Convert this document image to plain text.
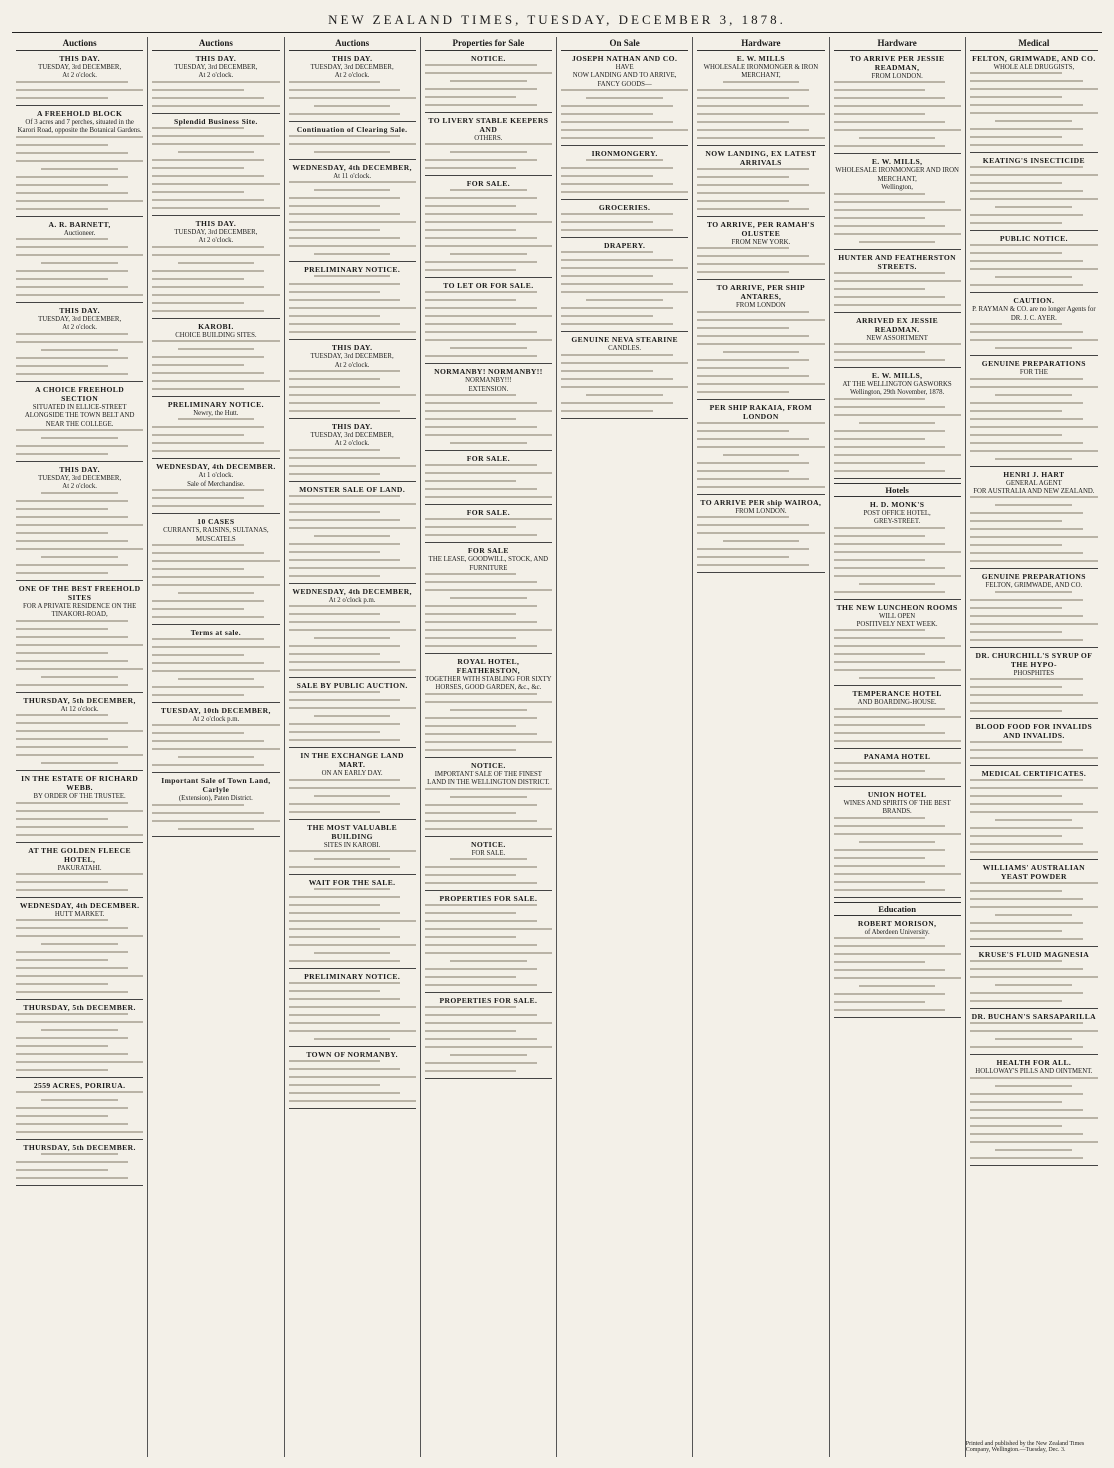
NEW ZEALAND TIMES, TUESDAY, DECEMBER 3, 1878.
Auctions
THIS DAY.
TUESDAY, 3rd DECEMBER,
At 2 o'clock.
A FREEHOLD BLOCK
Of 3 acres and 7 perches, situated in the Karori Road, opposite the Botanical Gardens.
A. R. BARNETT,
Auctioneer.
THIS DAY.
TUESDAY, 3rd DECEMBER,
At 2 o'clock.
A CHOICE FREEHOLD SECTION
SITUATED IN ELLICE-STREET ALONGSIDE THE TOWN BELT AND NEAR THE COLLEGE.
THIS DAY.
TUESDAY, 3rd DECEMBER,
At 2 o'clock.
ONE OF THE BEST FREEHOLD SITES
FOR A PRIVATE RESIDENCE ON THE TINAKORI-ROAD,
THURSDAY, 5th DECEMBER,
At 12 o'clock.
IN THE ESTATE OF RICHARD WEBB.
BY ORDER OF THE TRUSTEE.
AT THE GOLDEN FLEECE HOTEL,
PAKURATAHI.
WEDNESDAY, 4th DECEMBER.
HUTT MARKET.
THURSDAY, 5th DECEMBER.
2559 ACRES, PORIRUA.
THURSDAY, 5th DECEMBER.
Auctions
THIS DAY.
TUESDAY, 3rd DECEMBER,
At 2 o'clock.
Splendid Business Site.
THIS DAY.
TUESDAY, 3rd DECEMBER,
At 2 o'clock.
KAROBI.
CHOICE BUILDING SITES.
PRELIMINARY NOTICE.
Newry, the Hutt.
WEDNESDAY, 4th DECEMBER.
At 1 o'clock.
Sale of Merchandise.
10 CASES
CURRANTS, RAISINS, SULTANAS, MUSCATELS
Terms at sale.
TUESDAY, 10th DECEMBER,
At 2 o'clock p.m.
Important Sale of Town Land, Carlyle
(Extension), Paten District.
Auctions
THIS DAY.
TUESDAY, 3rd DECEMBER,
At 2 o'clock.
Continuation of Clearing Sale.
WEDNESDAY, 4th DECEMBER,
At 11 o'clock.
PRELIMINARY NOTICE.
THIS DAY.
TUESDAY, 3rd DECEMBER,
At 2 o'clock.
THIS DAY.
TUESDAY, 3rd DECEMBER,
At 2 o'clock.
MONSTER SALE OF LAND.
WEDNESDAY, 4th DECEMBER,
At 2 o'clock p.m.
SALE BY PUBLIC AUCTION.
IN THE EXCHANGE LAND MART.
ON AN EARLY DAY.
THE MOST VALUABLE BUILDING
SITES IN KAROBI.
WAIT FOR THE SALE.
PRELIMINARY NOTICE.
TOWN OF NORMANBY.
Properties for Sale
NOTICE.
TO LIVERY STABLE KEEPERS AND
OTHERS.
FOR SALE.
TO LET OR FOR SALE.
NORMANBY! NORMANBY!!
NORMANBY!!!
EXTENSION.
FOR SALE.
FOR SALE.
FOR SALE
THE LEASE, GOODWILL, STOCK, AND FURNITURE
ROYAL HOTEL, FEATHERSTON,
TOGETHER WITH STABLING FOR SIXTY HORSES, GOOD GARDEN, &c., &c.
NOTICE.
IMPORTANT SALE OF THE FINEST LAND IN THE WELLINGTON DISTRICT.
NOTICE.
FOR SALE.
PROPERTIES FOR SALE.
PROPERTIES FOR SALE.
On Sale
JOSEPH NATHAN AND CO.
HAVE
NOW LANDING AND TO ARRIVE, FANCY GOODS—
IRONMONGERY.
GROCERIES.
DRAPERY.
GENUINE NEVA STEARINE
CANDLES.
Hardware
E. W. MILLS
WHOLESALE IRONMONGER & IRON MERCHANT,
NOW LANDING, EX LATEST ARRIVALS
TO ARRIVE, PER RAMAH'S OLUSTEE
FROM NEW YORK.
TO ARRIVE, PER SHIP ANTARES,
FROM LONDON
PER SHIP RAKAIA, FROM LONDON
TO ARRIVE PER ship WAIROA,
FROM LONDON.
Hardware
TO ARRIVE PER JESSIE READMAN,
FROM LONDON.
E. W. MILLS,
WHOLESALE IRONMONGER AND IRON MERCHANT,
Wellington,
HUNTER AND FEATHERSTON STREETS.
ARRIVED EX JESSIE READMAN.
NEW ASSORTMENT
E. W. MILLS,
AT THE WELLINGTON GASWORKS
Wellington, 29th November, 1878.
Hotels
H. D. MONK'S
POST OFFICE HOTEL,
GREY-STREET.
THE NEW LUNCHEON ROOMS
WILL OPEN
POSITIVELY NEXT WEEK.
TEMPERANCE HOTEL
AND BOARDING-HOUSE.
PANAMA HOTEL
UNION HOTEL
WINES AND SPIRITS OF THE BEST BRANDS.
Education
ROBERT MORISON,
of Aberdeen University.
Medical
FELTON, GRIMWADE, AND CO.
WHOLE ALE DRUGGISTS,
KEATING'S INSECTICIDE
PUBLIC NOTICE.
CAUTION.
P. RAYMAN & CO. are no longer Agents for
DR. J. C. AYER.
GENUINE PREPARATIONS
FOR THE
HENRI J. HART
GENERAL AGENT
FOR AUSTRALIA AND NEW ZEALAND.
GENUINE PREPARATIONS
FELTON, GRIMWADE, AND CO.
DR. CHURCHILL'S SYRUP OF THE HYPO-
PHOSPHITES
BLOOD FOOD FOR INVALIDS AND INVALIDS.
MEDICAL CERTIFICATES.
WILLIAMS' AUSTRALIAN YEAST POWDER
KRUSE'S FLUID MAGNESIA
DR. BUCHAN'S SARSAPARILLA
HEALTH FOR ALL.
HOLLOWAY'S PILLS AND OINTMENT.
Printed and published by the New Zealand Times Company, Wellington.—Tuesday, Dec. 3.
